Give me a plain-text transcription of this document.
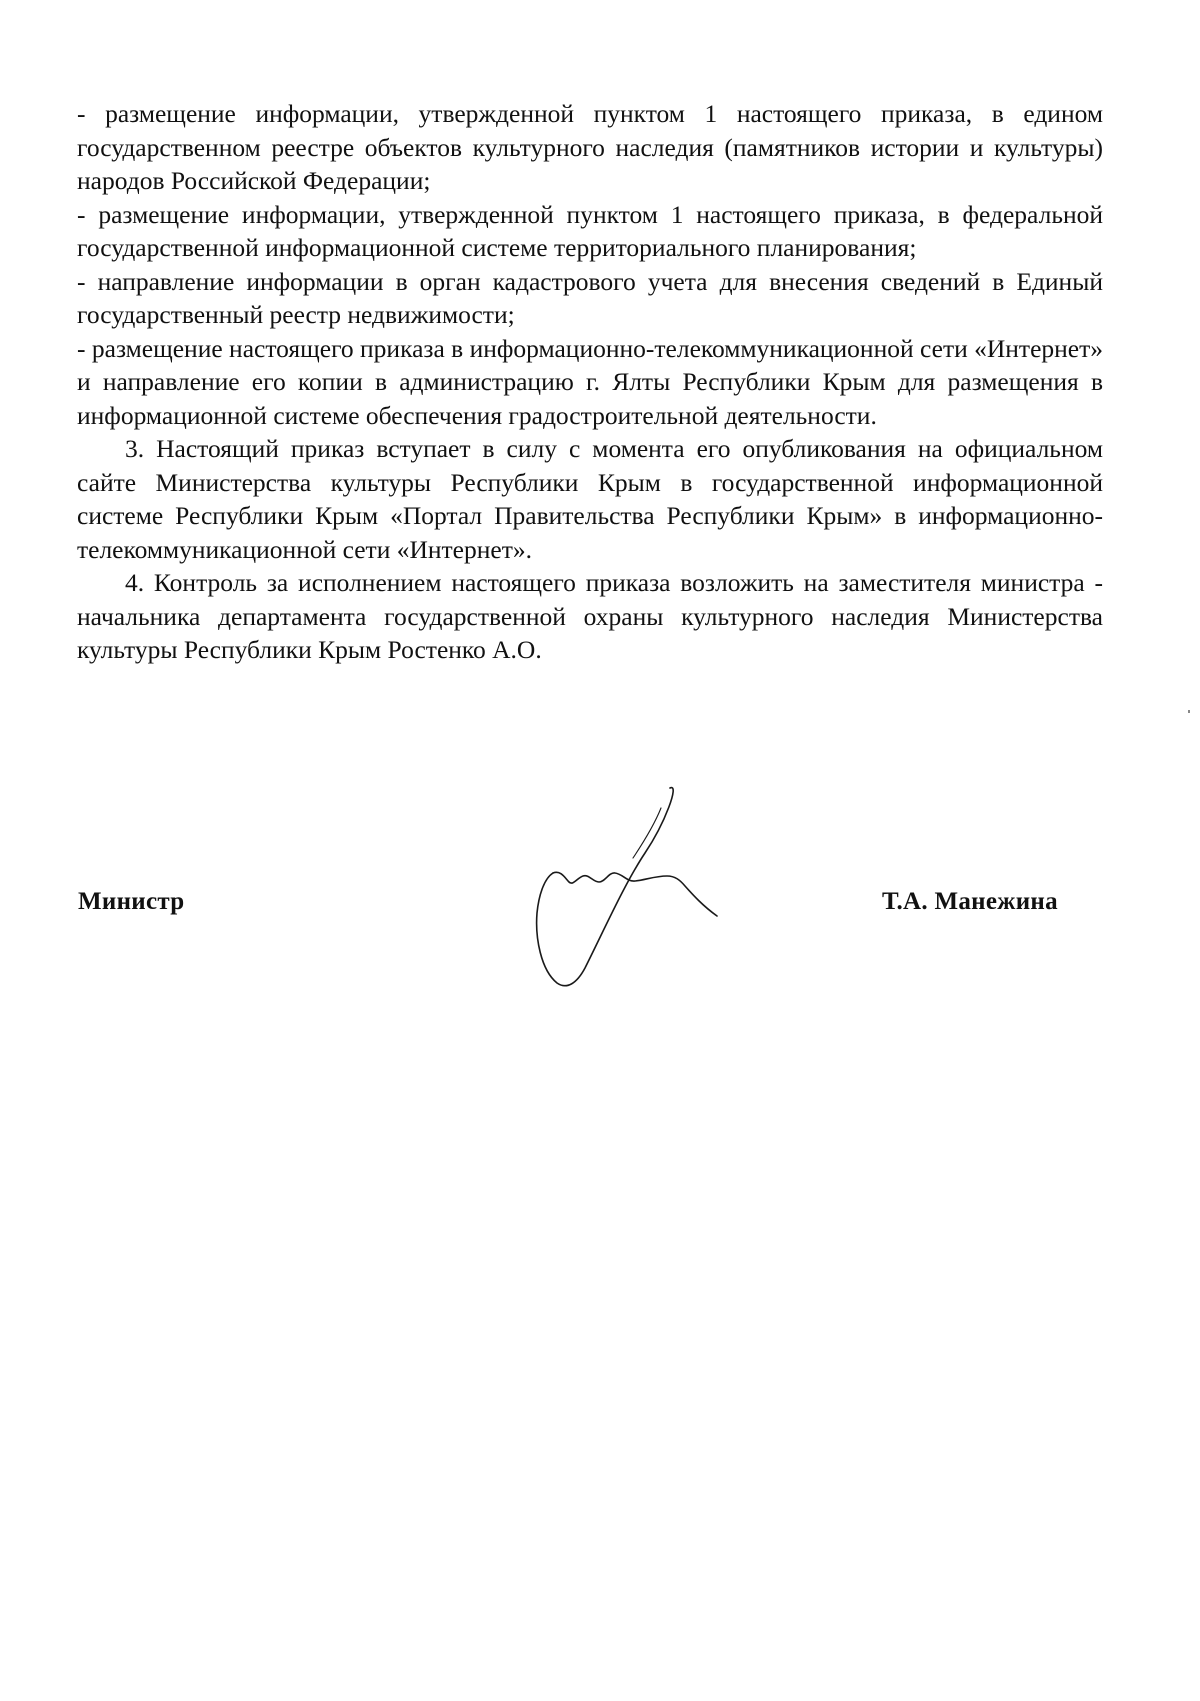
- размещение информации, утвержденной пунктом 1 настоящего приказа, в едином государственном реестре объектов культурного наследия (памятников истории и культуры) народов Российской Федерации;

- размещение информации, утвержденной пунктом 1 настоящего приказа, в федеральной государственной информационной системе территориального планирования;

- направление информации в орган кадастрового учета для внесения сведений в Единый государственный реестр недвижимости;

- размещение настоящего приказа в информационно-телекоммуникационной сети «Интернет» и направление его копии в администрацию г. Ялты Республики Крым для размещения в информационной системе обеспечения градостроительной деятельности.

3. Настоящий приказ вступает в силу с момента его опубликования на официальном сайте Министерства культуры Республики Крым в государственной информационной системе Республики Крым «Портал Правительства Республики Крым» в информационно-телекоммуникационной сети «Интернет».

4. Контроль за исполнением настоящего приказа возложить на заместителя министра - начальника департамента государственной охраны культурного наследия Министерства культуры Республики Крым Ростенко А.О.

Министр	Т.А. Манежина
